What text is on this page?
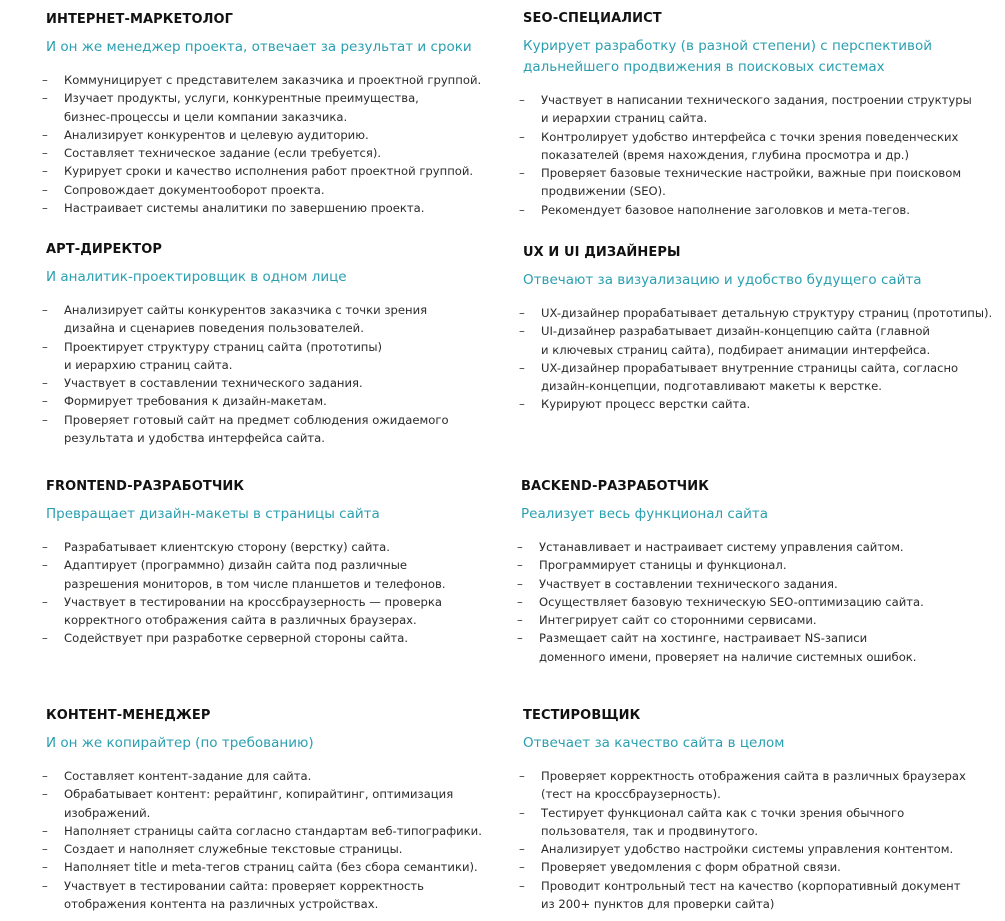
ИНТЕРНЕТ-МАРКЕТОЛОГ

И он же менеджер проекта, отвечает за результат и сроки

– Коммуницирует с представителем заказчика и проектной группой.
– Изучает продукты, услуги, конкурентные преимущества,
бизнес-процессы и цели компании заказчика.
– Анализирует конкурентов и целевую аудиторию.
– Составляет техническое задание (если требуется).
– Курирует сроки и качество исполнения работ проектной группой.
– Сопровождает документооборот проекта.
– Настраивает системы аналитики по завершению проекта.
SEO-СПЕЦИАЛИСТ

Курирует разработку (в разной степени) с перспективой
дальнейшего продвижения в поисковых системах

– Участвует в написании технического задания, построении структуры
и иерархии страниц сайта.
– Контролирует удобство интерфейса с точки зрения поведенческих
показателей (время нахождения, глубина просмотра и др.)
– Проверяет базовые технические настройки, важные при поисковом
продвижении (SEO).
– Рекомендует базовое наполнение заголовков и мета-тегов.
АРТ-ДИРЕКТОР

И аналитик-проектировщик в одном лице

– Анализирует сайты конкурентов заказчика с точки зрения
дизайна и сценариев поведения пользователей.
– Проектирует структуру страниц сайта (прототипы)
и иерархию страниц сайта.
– Участвует в составлении технического задания.
– Формирует требования к дизайн-макетам.
– Проверяет готовый сайт на предмет соблюдения ожидаемого
результата и удобства интерфейса сайта.
UX И UI ДИЗАЙНЕРЫ

Отвечают за визуализацию и удобство будущего сайта

– UX-дизайнер прорабатывает детальную структуру страниц (прототипы).
– UI-дизайнер разрабатывает дизайн-концепцию сайта (главной
и ключевых страниц сайта), подбирает анимации интерфейса.
– UX-дизайнер прорабатывает внутренние страницы сайта, согласно
дизайн-концепции, подготавливают макеты к верстке.
– Курируют процесс верстки сайта.
FRONTEND-РАЗРАБОТЧИК

Превращает дизайн-макеты в страницы сайта

– Разрабатывает клиентскую сторону (верстку) сайта.
– Адаптирует (программно) дизайн сайта под различные
разрешения мониторов, в том числе планшетов и телефонов.
– Участвует в тестировании на кроссбраузерность — проверка
корректного отображения сайта в различных браузерах.
– Содействует при разработке серверной стороны сайта.
BACKEND-РАЗРАБОТЧИК

Реализует весь функционал сайта

– Устанавливает и настраивает систему управления сайтом.
– Программирует станицы и функционал.
– Участвует в составлении технического задания.
– Осуществляет базовую техническую SEO-оптимизацию сайта.
– Интегрирует сайт со сторонними сервисами.
– Размещает сайт на хостинге, настраивает NS-записи
доменного имени, проверяет на наличие системных ошибок.
КОНТЕНТ-МЕНЕДЖЕР

И он же копирайтер (по требованию)

– Составляет контент-задание для сайта.
– Обрабатывает контент: рерайтинг, копирайтинг, оптимизация
изображений.
– Наполняет страницы сайта согласно стандартам веб-типографики.
– Создает и наполняет служебные текстовые страницы.
– Наполняет title и meta-тегов страниц сайта (без сбора семантики).
– Участвует в тестировании сайта: проверяет корректность
отображения контента на различных устройствах.
ТЕСТИРОВЩИК

Отвечает за качество сайта в целом

– Проверяет корректность отображения сайта в различных браузерах
(тест на кроссбраузерность).
– Тестирует функционал сайта как с точки зрения обычного
пользователя, так и продвинутого.
– Анализирует удобство настройки системы управления контентом.
– Проверяет уведомления с форм обратной связи.
– Проводит контрольный тест на качество (корпоративный документ
из 200+ пунктов для проверки сайта)
